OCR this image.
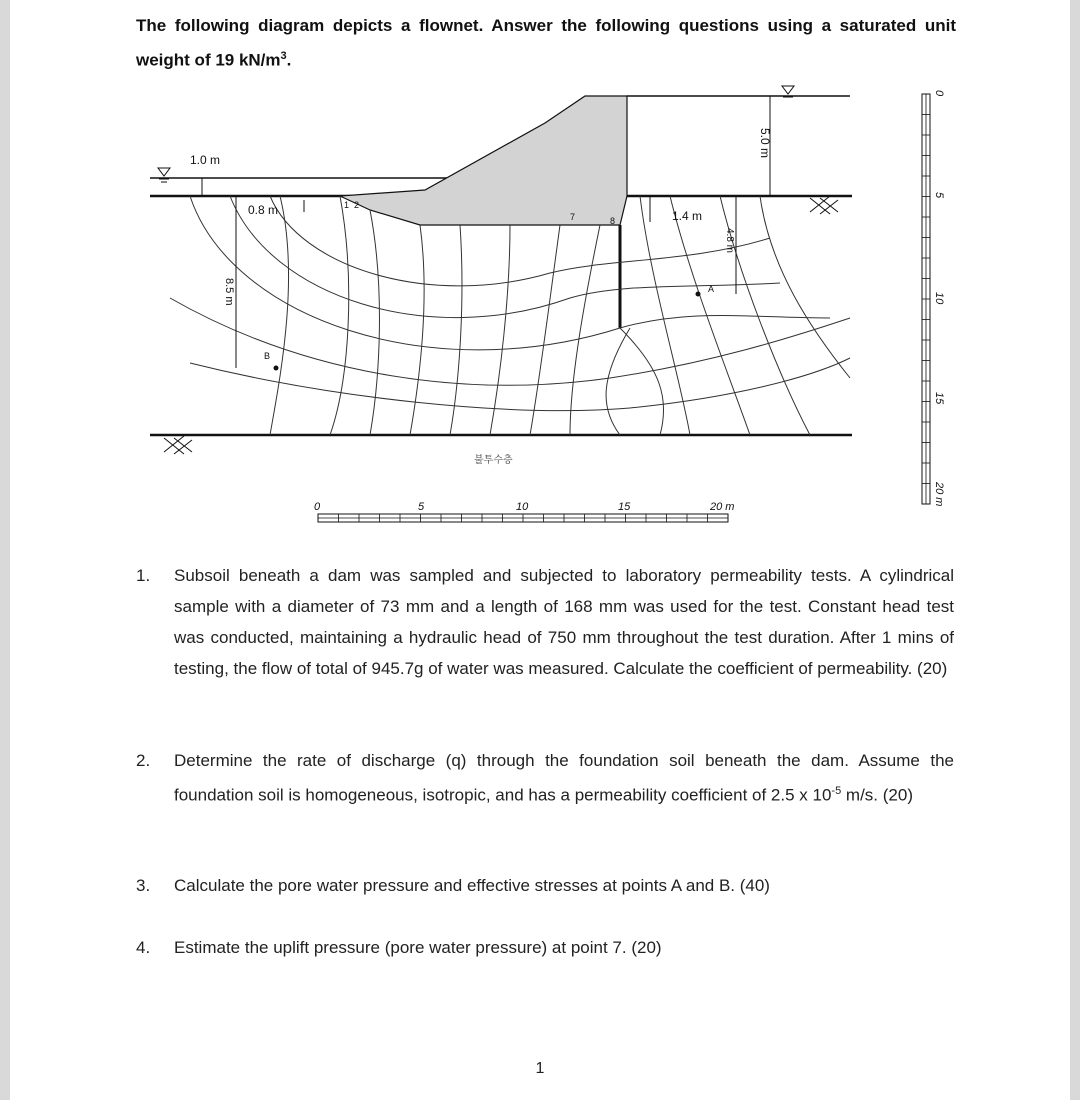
The following diagram depicts a flownet. Answer the following questions using a saturated unit weight of 19 $kN/m^3$.
1.0 m
0.8 m
8.5 m
B
A
1 2
7	8
5.0 m
1.4 m
4.8 m
불투수층
0	5	10	15	20 m
0
5
10
15
20 m
1.	Subsoil beneath a dam was sampled and subjected to laboratory permeability tests. A cylindrical sample with a diameter of 73 mm and a length of 168 mm was used for the test. Constant head test was conducted, maintaining a hydraulic head of 750 mm throughout the test duration. After 1 mins of testing, the flow of total of 945.7g of water was measured. Calculate the coefficient of permeability. (20)
2.	Determine the rate of discharge (q) through the foundation soil beneath the dam. Assume the foundation soil is homogeneous, isotropic, and has a permeability coefficient of 2.5 x $10^{-5}$ m/s. (20)
3.	Calculate the pore water pressure and effective stresses at points A and B. (40)
4.	Estimate the uplift pressure (pore water pressure) at point 7. (20)
1
